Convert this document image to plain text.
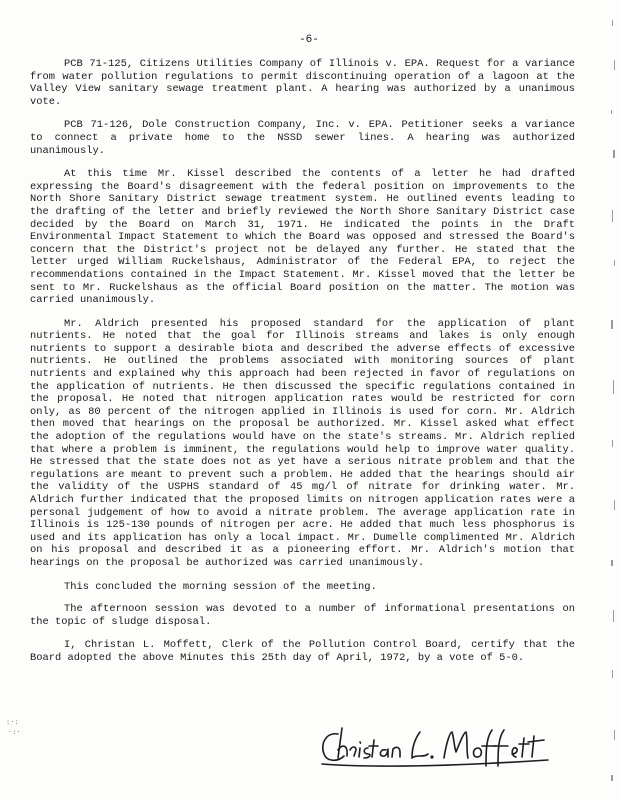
-6-

PCB 71-125, Citizens Utilities Company of Illinois v. EPA. Request for a variance from water pollution regulations to permit discontinuing operation of a lagoon at the Valley View sanitary sewage treatment plant. A hearing was authorized by a unanimous vote.

PCB 71-126, Dole Construction Company, Inc. v. EPA. Petitioner seeks a variance to connect a private home to the NSSD sewer lines. A hearing was authorized unanimously.

At this time Mr. Kissel described the contents of a letter he had drafted expressing the Board's disagreement with the federal position on improvements to the North Shore Sanitary District sewage treatment system. He outlined events leading to the drafting of the letter and briefly reviewed the North Shore Sanitary District case decided by the Board on March 31, 1971. He indicated the points in the Draft Environmental Impact Statement to which the Board was opposed and stressed the Board's concern that the District's project not be delayed any further. He stated that the letter urged William Ruckelshaus, Administrator of the Federal EPA, to reject the recommendations contained in the Impact Statement. Mr. Kissel moved that the letter be sent to Mr. Ruckelshaus as the official Board position on the matter. The motion was carried unanimously.

Mr. Aldrich presented his proposed standard for the application of plant nutrients. He noted that the goal for Illinois streams and lakes is only enough nutrients to support a desirable biota and described the adverse effects of excessive nutrients. He outlined the problems associated with monitoring sources of plant nutrients and explained why this approach had been rejected in favor of regulations on the application of nutrients. He then discussed the specific regulations contained in the proposal. He noted that nitrogen application rates would be restricted for corn only, as 80 percent of the nitrogen applied in Illinois is used for corn. Mr. Aldrich then moved that hearings on the proposal be authorized. Mr. Kissel asked what effect the adoption of the regulations would have on the state's streams. Mr. Aldrich replied that where a problem is imminent, the regulations would help to improve water quality. He stressed that the state does not as yet have a serious nitrate problem and that the regulations are meant to prevent such a problem. He added that the hearings should air the validity of the USPHS standard of 45 mg/l of nitrate for drinking water. Mr. Aldrich further indicated that the proposed limits on nitrogen application rates were a personal judgement of how to avoid a nitrate problem. The average application rate in Illinois is 125-130 pounds of nitrogen per acre. He added that much less phosphorus is used and its application has only a local impact. Mr. Dumelle complimented Mr. Aldrich on his proposal and described it as a pioneering effort. Mr. Aldrich's motion that hearings on the proposal be authorized was carried unanimously.

This concluded the morning session of the meeting.

The afternoon session was devoted to a number of informational presentations on the topic of sludge disposal.

I, Christan L. Moffett, Clerk of the Pollution Control Board, certify that the Board adopted the above Minutes this 25th day of April, 1972, by a vote of 5-0.

:·:
·:·
